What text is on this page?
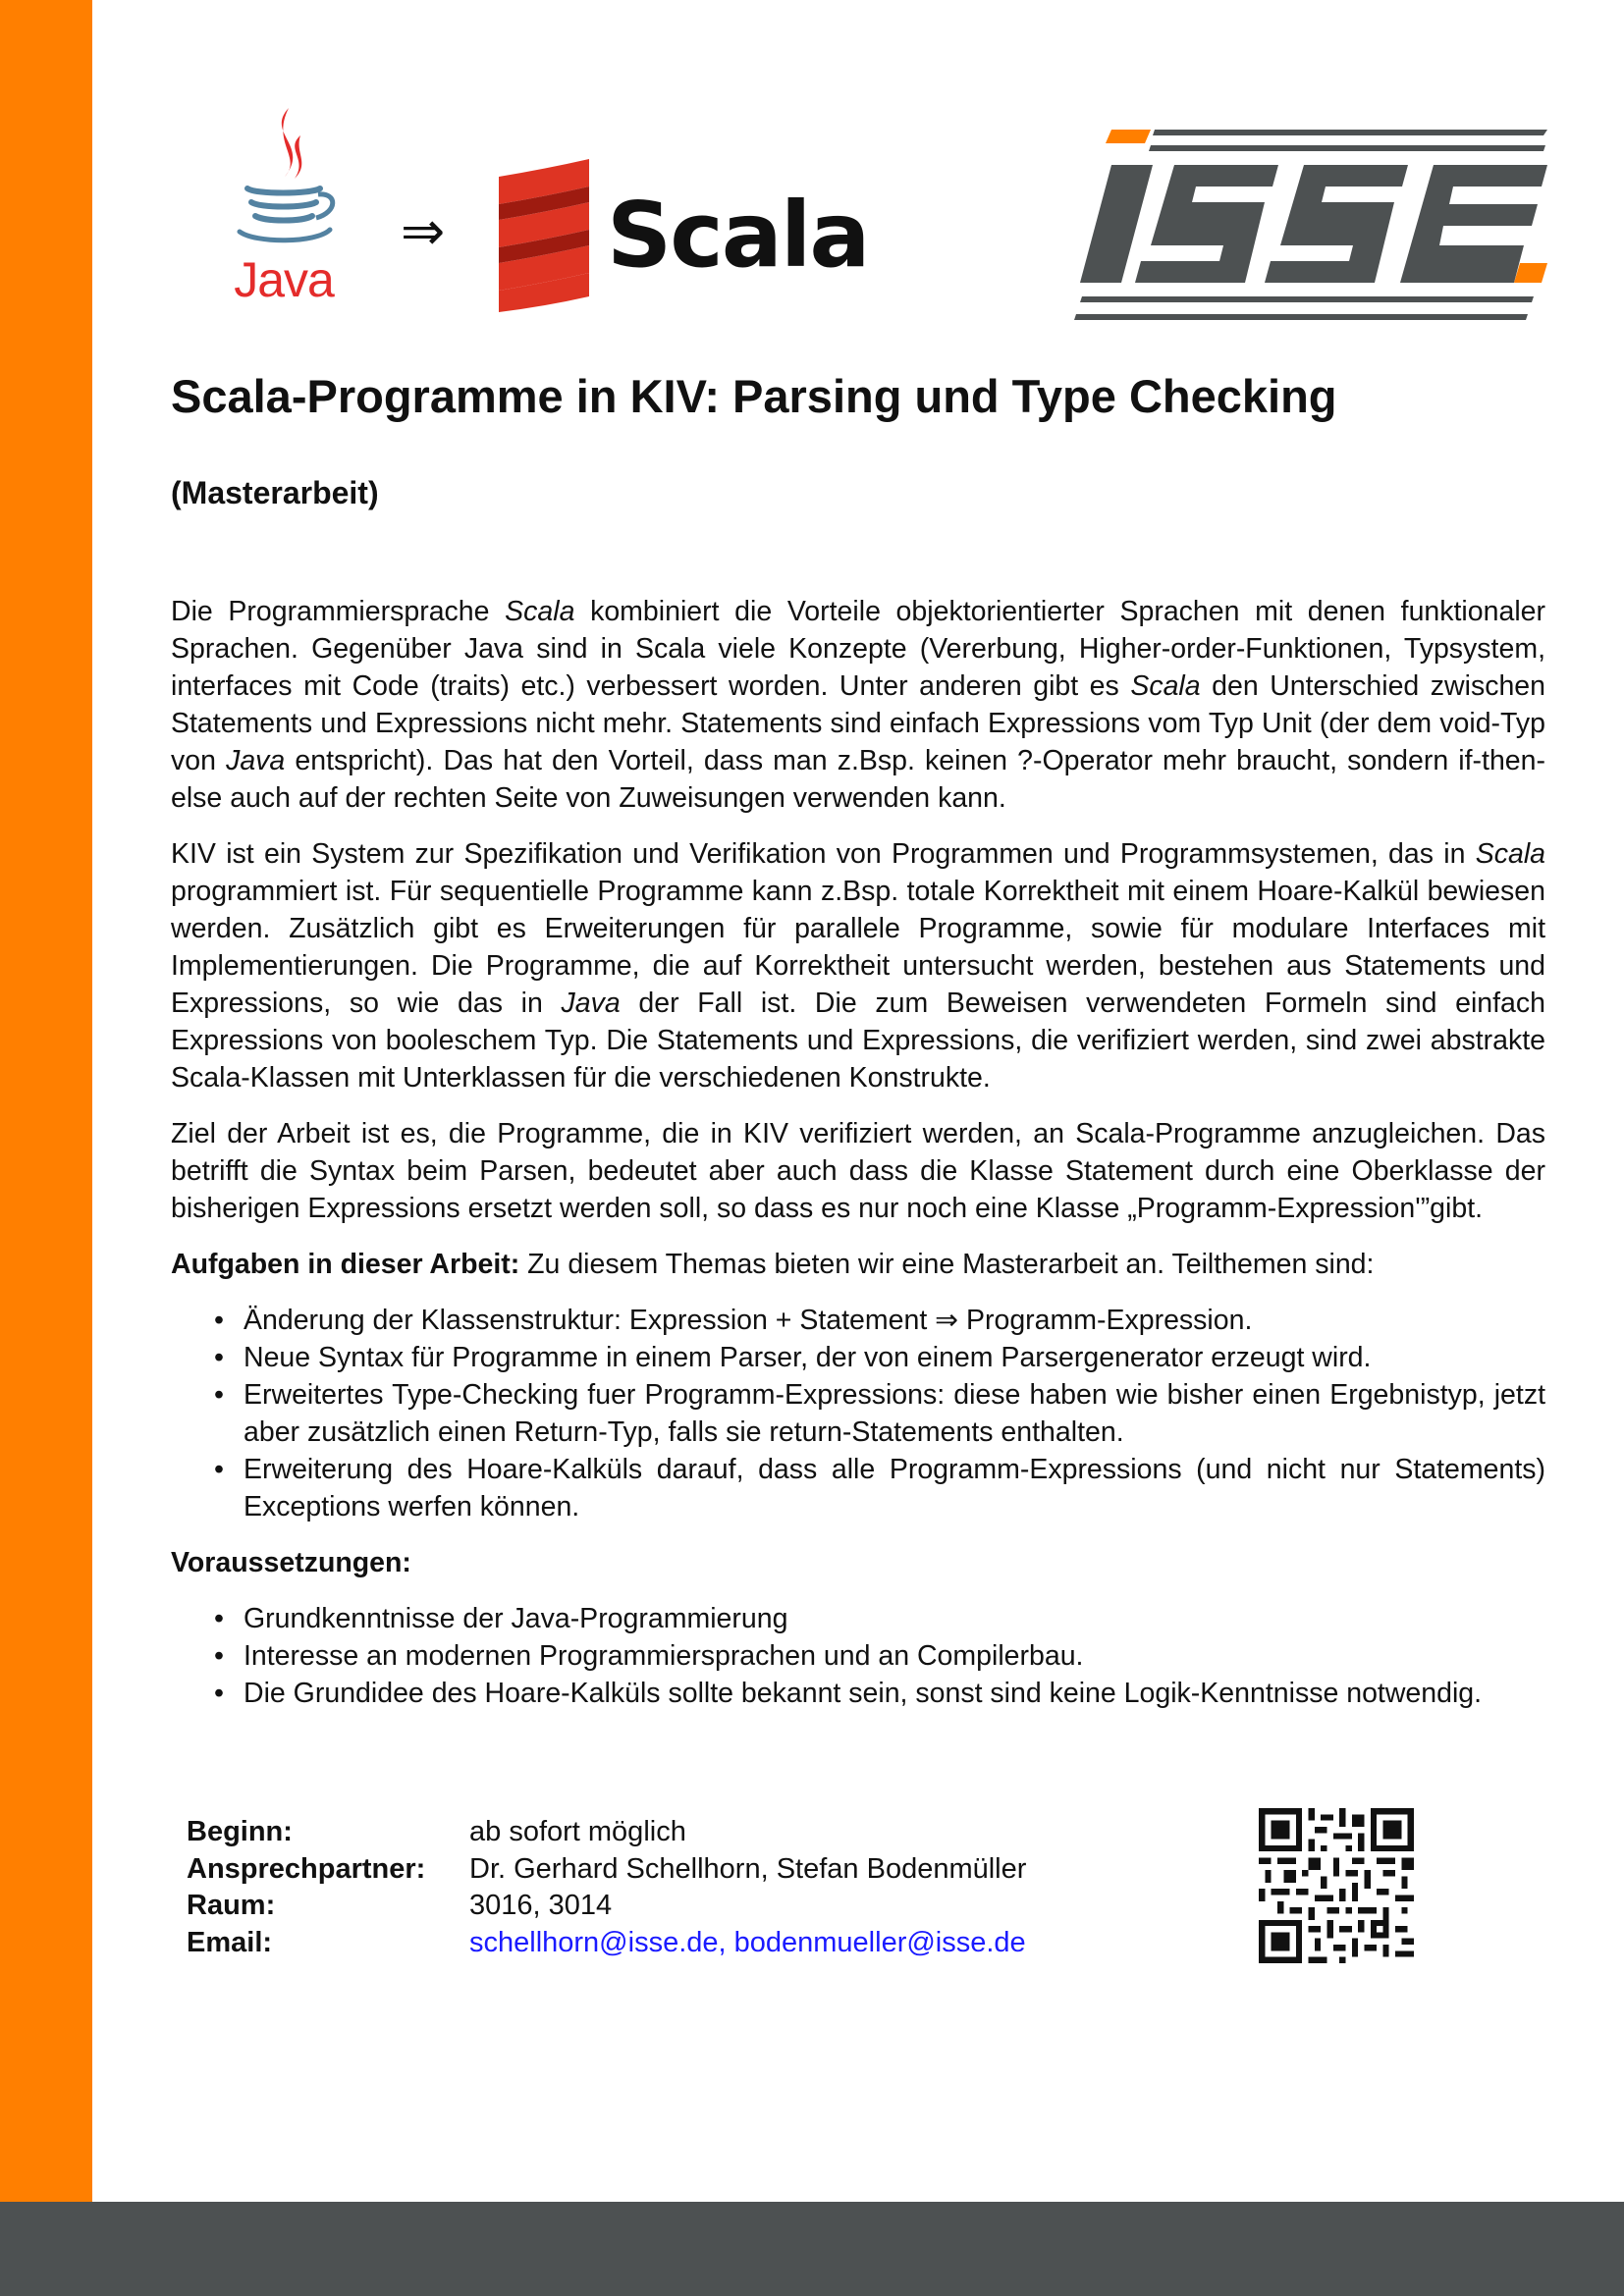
Java
⇒ Scala
Scala-Programme in KIV: Parsing und Type Checking
(Masterarbeit)

Die Programmiersprache Scala kombiniert die Vorteile objektorientierter Sprachen mit denen funktionaler Sprachen. Gegenüber Java sind in Scala viele Konzepte (Vererbung, Higher-order-Funktionen, Typsystem, interfaces mit Code (traits) etc.) verbessert worden. Unter anderen gibt es Scala den Unterschied zwischen Statements und Expressions nicht mehr. Statements sind einfach Expressions vom Typ Unit (der dem void-Typ von Java entspricht). Das hat den Vorteil, dass man z.Bsp. keinen ?-Operator mehr braucht, sondern if-then-else auch auf der rechten Seite von Zuweisungen verwenden kann.

KIV ist ein System zur Spezifikation und Verifikation von Programmen und Programmsystemen, das in Scala programmiert ist. Für sequentielle Programme kann z.Bsp. totale Korrektheit mit einem Hoare-Kalkül bewiesen werden. Zusätzlich gibt es Erweiterungen für parallele Programme, sowie für modulare Interfaces mit Implementierungen. Die Programme, die auf Korrektheit untersucht werden, bestehen aus Statements und Expressions, so wie das in Java der Fall ist. Die zum Beweisen verwendeten Formeln sind einfach Expressions von booleschem Typ. Die Statements und Expressions, die verifiziert werden, sind zwei abstrakte Scala-Klassen mit Unterklassen für die verschiedenen Konstrukte.

Ziel der Arbeit ist es, die Programme, die in KIV verifiziert werden, an Scala-Programme anzugleichen. Das betrifft die Syntax beim Parsen, bedeutet aber auch dass die Klasse Statement durch eine Oberklasse der bisherigen Expressions ersetzt werden soll, so dass es nur noch eine Klasse „Programm-Expression'”gibt.

Aufgaben in dieser Arbeit: Zu diesem Themas bieten wir eine Masterarbeit an. Teilthemen sind:

• Änderung der Klassenstruktur: Expression + Statement ⇒ Programm-Expression.
• Neue Syntax für Programme in einem Parser, der von einem Parsergenerator erzeugt wird.
• Erweitertes Type-Checking fuer Programm-Expressions: diese haben wie bisher einen Ergebnistyp, jetzt aber zusätzlich einen Return-Typ, falls sie return-Statements enthalten.
• Erweiterung des Hoare-Kalküls darauf, dass alle Programm-Expressions (und nicht nur Statements) Exceptions werfen können.

Voraussetzungen:

• Grundkenntnisse der Java-Programmierung
• Interesse an modernen Programmiersprachen und an Compilerbau.
• Die Grundidee des Hoare-Kalküls sollte bekannt sein, sonst sind keine Logik-Kenntnisse notwendig.
Beginn:	ab sofort möglich
Ansprechpartner:	Dr. Gerhard Schellhorn, Stefan Bodenmüller
Raum:	3016, 3014
Email:	schellhorn@isse.de, bodenmueller@isse.de
